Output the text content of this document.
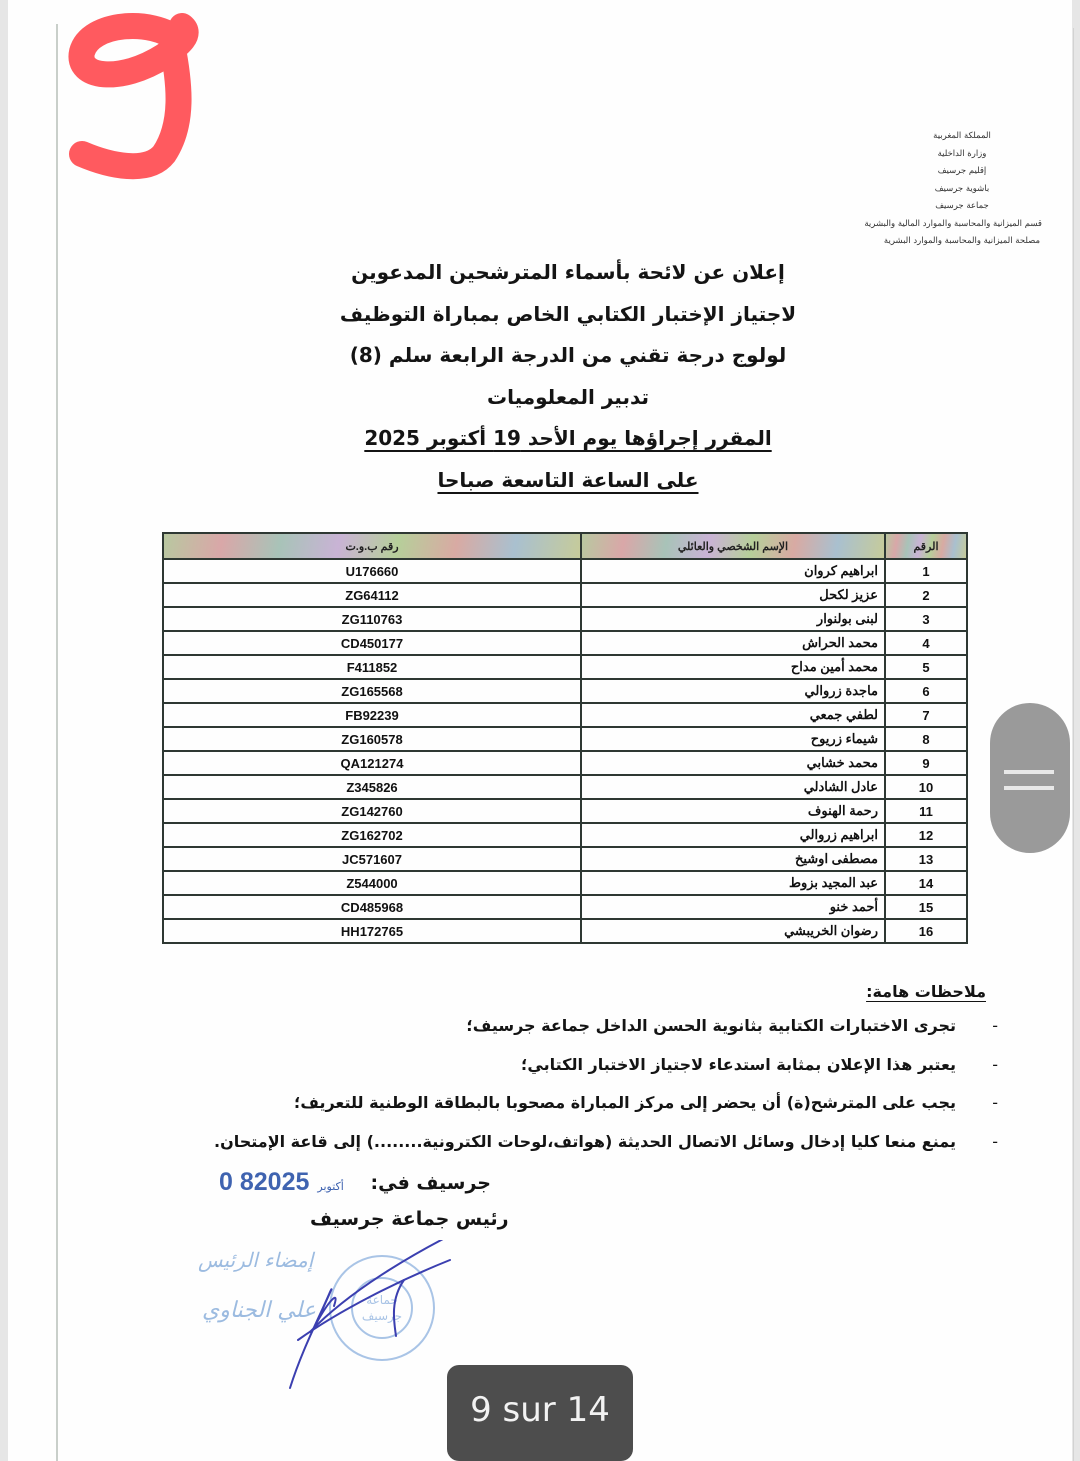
المملكة المغربية
وزارة الداخلية
إقليم جرسيف
باشوية جرسيف
جماعة جرسيف
قسم الميزانية والمحاسبة والموارد المالية والبشرية
مصلحة الميزانية والمحاسبة والموارد البشرية
إعلان عن لائحة بأسماء المترشحين المدعوين
لاجتياز الإختبار الكتابي الخاص بمباراة التوظيف
لولوج درجة تقني من الدرجة الرابعة سلم (8)
تدبير المعلوميات
المقرر إجراؤها يوم الأحد 19 أكتوبر 2025
على الساعة التاسعة صباحا
الرقم	الإسم الشخصي والعائلي	رقم ب.و.ت
1	ابراهيم كروان	U176660
2	عزيز لكحل	ZG64112
3	لبنى بولنوار	ZG110763
4	محمد الحراش	CD450177
5	محمد أمين مداح	F411852
6	ماجدة زروالي	ZG165568
7	لطفي جمعي	FB92239
8	شيماء زريوح	ZG160578
9	محمد خشابي	QA121274
10	عادل الشادلي	Z345826
11	رحمة الهنوف	ZG142760
12	ابراهيم زروالي	ZG162702
13	مصطفى اوشيخ	JC571607
14	عبد المجيد بزوط	Z544000
15	أحمد خنو	CD485968
16	رضوان الخريبشي	HH172765
ملاحظات هامة:
-
تجرى الاختبارات الكتابية بثانوية الحسن الداخل جماعة جرسيف؛
-
يعتبر هذا الإعلان بمثابة استدعاء لاجتياز الاختبار الكتابي؛
-
يجب على المترشح(ة) أن يحضر إلى مركز المباراة مصحوبا بالبطاقة الوطنية للتعريف؛
-
يمنع منعا كليا إدخال وسائل الاتصال الحديثة (هواتف،لوحات الكترونية........) إلى قاعة الإمتحان.
جرسيف في:
0 8	أكتوبر2025
رئيس جماعة جرسيف
إمضاء الرئيس
علي الجناوي	جماعة
جرسيف
9 sur 14
